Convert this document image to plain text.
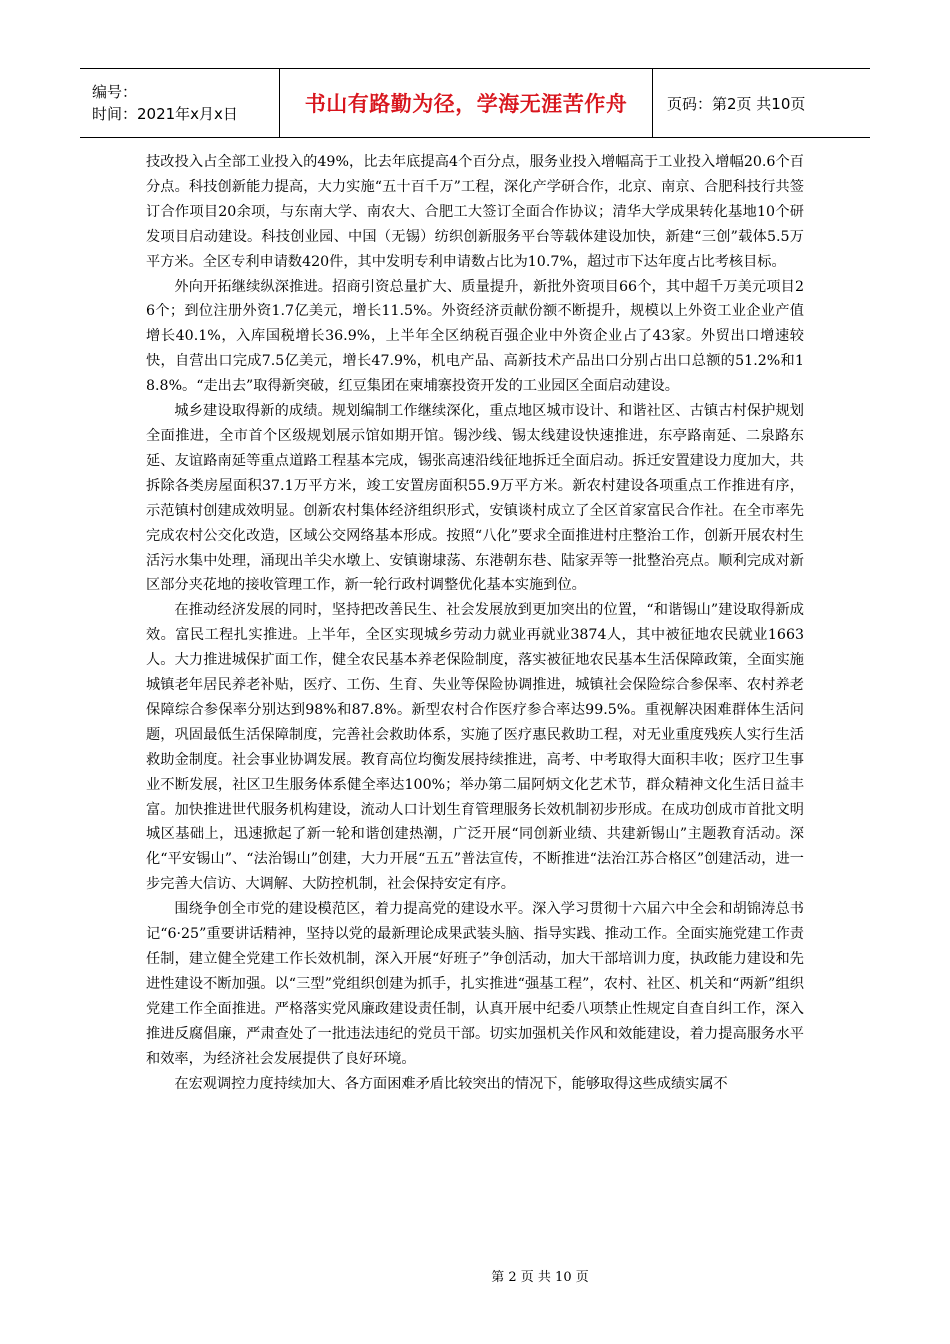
编号：
时间：2021年x月x日	书山有路勤为径，学海无涯苦作舟	页码：第2页 共10页

技改投入占全部工业投入的49%，比去年底提高4个百分点，服务业投入增幅高于工业投入增幅20.6个百分点。科技创新能力提高，大力实施“五十百千万”工程，深化产学研合作，北京、南京、合肥科技行共签订合作项目20余项，与东南大学、南农大、合肥工大签订全面合作协议；清华大学成果转化基地10个研发项目启动建设。科技创业园、中国（无锡）纺织创新服务平台等载体建设加快，新建“三创”载体5.5万平方米。全区专利申请数420件，其中发明专利申请数占比为10.7%，超过市下达年度占比考核目标。

外向开拓继续纵深推进。招商引资总量扩大、质量提升，新批外资项目66个，其中超千万美元项目26个；到位注册外资1.7亿美元，增长11.5%。外资经济贡献份额不断提升，规模以上外资工业企业产值增长40.1%，入库国税增长36.9%，上半年全区纳税百强企业中外资企业占了43家。外贸出口增速较快，自营出口完成7.5亿美元，增长47.9%，机电产品、高新技术产品出口分别占出口总额的51.2%和18.8%。“走出去”取得新突破，红豆集团在柬埔寨投资开发的工业园区全面启动建设。

城乡建设取得新的成绩。规划编制工作继续深化，重点地区城市设计、和谐社区、古镇古村保护规划全面推进，全市首个区级规划展示馆如期开馆。锡沙线、锡太线建设快速推进，东亭路南延、二泉路东延、友谊路南延等重点道路工程基本完成，锡张高速沿线征地拆迁全面启动。拆迁安置建设力度加大，共拆除各类房屋面积37.1万平方米，竣工安置房面积55.9万平方米。新农村建设各项重点工作推进有序，示范镇村创建成效明显。创新农村集体经济组织形式，安镇谈村成立了全区首家富民合作社。在全市率先完成农村公交化改造，区域公交网络基本形成。按照“八化”要求全面推进村庄整治工作，创新开展农村生活污水集中处理，涌现出羊尖水墩上、安镇谢埭荡、东港朝东巷、陆家弄等一批整治亮点。顺利完成对新区部分夹花地的接收管理工作，新一轮行政村调整优化基本实施到位。

在推动经济发展的同时，坚持把改善民生、社会发展放到更加突出的位置，“和谐锡山”建设取得新成效。富民工程扎实推进。上半年，全区实现城乡劳动力就业再就业3874人，其中被征地农民就业1663人。大力推进城保扩面工作，健全农民基本养老保险制度，落实被征地农民基本生活保障政策，全面实施城镇老年居民养老补贴，医疗、工伤、生育、失业等保险协调推进，城镇社会保险综合参保率、农村养老保障综合参保率分别达到98%和87.8%。新型农村合作医疗参合率达99.5%。重视解决困难群体生活问题，巩固最低生活保障制度，完善社会救助体系，实施了医疗惠民救助工程，对无业重度残疾人实行生活救助金制度。社会事业协调发展。教育高位均衡发展持续推进，高考、中考取得大面积丰收；医疗卫生事业不断发展，社区卫生服务体系健全率达100%；举办第二届阿炳文化艺术节，群众精神文化生活日益丰富。加快推进世代服务机构建设，流动人口计划生育管理服务长效机制初步形成。在成功创成市首批文明城区基础上，迅速掀起了新一轮和谐创建热潮，广泛开展“同创新业绩、共建新锡山”主题教育活动。深化“平安锡山”、“法治锡山”创建，大力开展“五五”普法宣传，不断推进“法治江苏合格区”创建活动，进一步完善大信访、大调解、大防控机制，社会保持安定有序。

围绕争创全市党的建设模范区，着力提高党的建设水平。深入学习贯彻十六届六中全会和胡锦涛总书记“6·25”重要讲话精神，坚持以党的最新理论成果武装头脑、指导实践、推动工作。全面实施党建工作责任制，建立健全党建工作长效机制，深入开展“好班子”争创活动，加大干部培训力度，执政能力建设和先进性建设不断加强。以“三型”党组织创建为抓手，扎实推进“强基工程”，农村、社区、机关和“两新”组织党建工作全面推进。严格落实党风廉政建设责任制，认真开展中纪委八项禁止性规定自查自纠工作，深入推进反腐倡廉，严肃查处了一批违法违纪的党员干部。切实加强机关作风和效能建设，着力提高服务水平和效率，为经济社会发展提供了良好环境。

在宏观调控力度持续加大、各方面困难矛盾比较突出的情况下，能够取得这些成绩实属不

第 2 页 共 10 页
